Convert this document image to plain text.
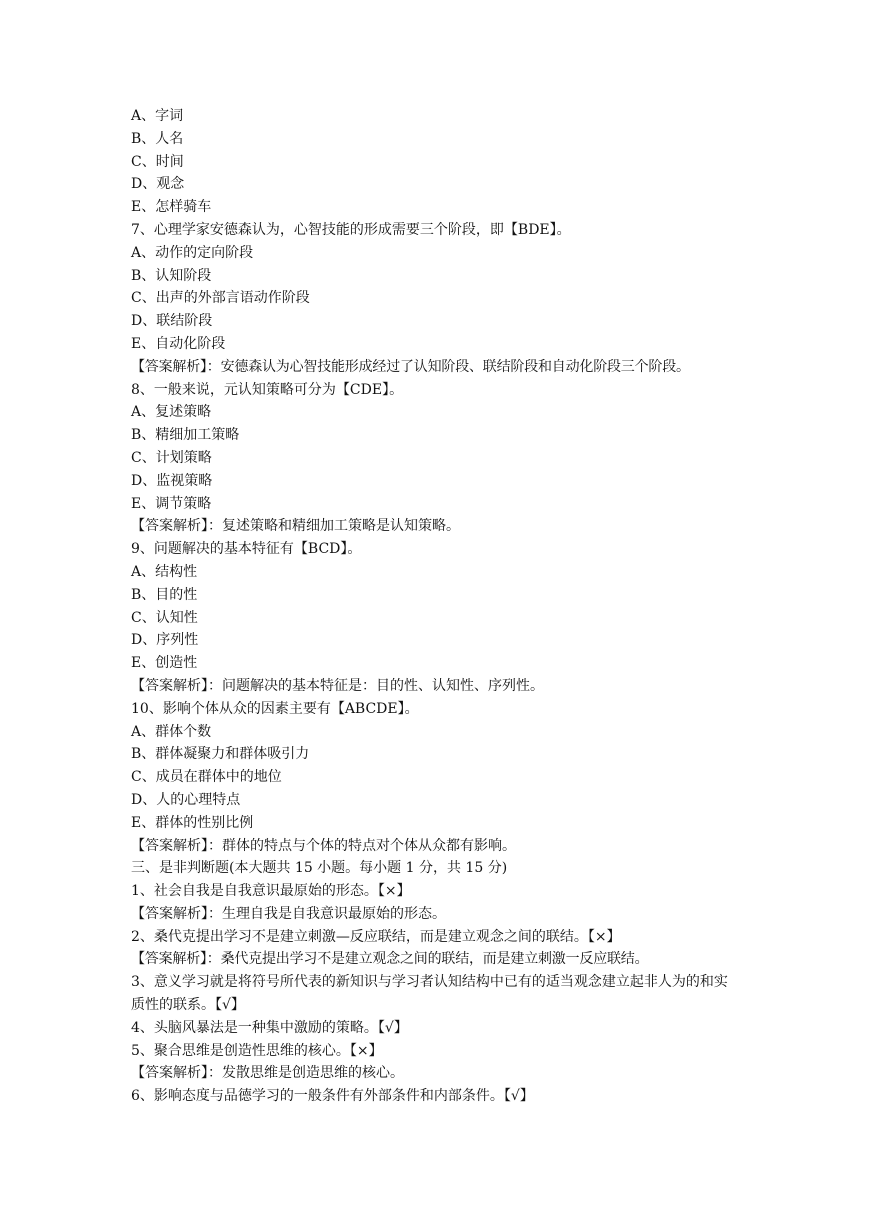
A、字词
B、人名
C、时间
D、观念
E、怎样骑车
7、心理学家安德森认为，心智技能的形成需要三个阶段，即【BDE】。
A、动作的定向阶段
B、认知阶段
C、出声的外部言语动作阶段
D、联结阶段
E、自动化阶段
【答案解析】：安德森认为心智技能形成经过了认知阶段、联结阶段和自动化阶段三个阶段。
8、一般来说，元认知策略可分为【CDE】。
A、复述策略
B、精细加工策略
C、计划策略
D、监视策略
E、调节策略
【答案解析】：复述策略和精细加工策略是认知策略。
9、问题解决的基本特征有【BCD】。
A、结构性
B、目的性
C、认知性
D、序列性
E、创造性
【答案解析】：问题解决的基本特征是：目的性、认知性、序列性。
10、影响个体从众的因素主要有【ABCDE】。
A、群体个数
B、群体凝聚力和群体吸引力
C、成员在群体中的地位
D、人的心理特点
E、群体的性别比例
【答案解析】：群体的特点与个体的特点对个体从众都有影响。
三、是非判断题(本大题共 15 小题。每小题 1 分，共 15 分)
1、社会自我是自我意识最原始的形态。【×】
【答案解析】：生理自我是自我意识最原始的形态。
2、桑代克提出学习不是建立刺激—反应联结，而是建立观念之间的联结。【×】
【答案解析】：桑代克提出学习不是建立观念之间的联结，而是建立刺激一反应联结。
3、意义学习就是将符号所代表的新知识与学习者认知结构中已有的适当观念建立起非人为的和实质性的联系。【√】
4、头脑风暴法是一种集中激励的策略。【√】
5、聚合思维是创造性思维的核心。【×】
【答案解析】：发散思维是创造思维的核心。
6、影响态度与品德学习的一般条件有外部条件和内部条件。【√】
